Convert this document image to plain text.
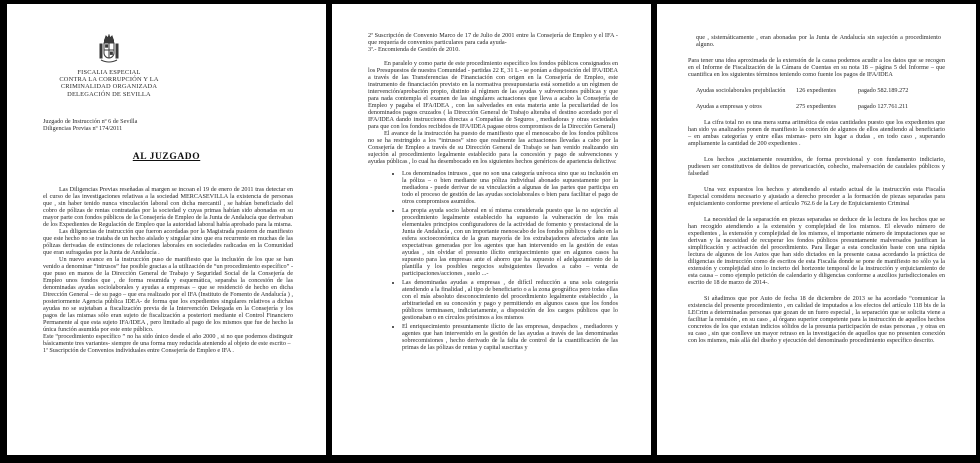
FISCALIA ESPECIAL
CONTRA LA CORRUPCIÓN Y LA
CRIMINALIDAD ORGANIZADA
DELEGACIÓN DE SEVILLA
Juzgado de Instrucción nº 6 de Sevilla
Diligencias Previas nº 174/2011
AL JUZGADO

Las Diligencias Previas reseñadas al margen se incoan el 19 de enero de 2011 tras detectar en el curso de las investigaciones relativas a la sociedad MERCASEVILLA la existencia de personas que , sin haber tenido nunca vinculación laboral con dicha mercantil , se habían beneficiado del cobro de pólizas de rentas contratadas por la sociedad y cuyas primas habían sido abonadas en su mayor parte con fondos públicos de la Consejería de Empleo de la Junta de Andalucía que derivaban de los Expedientes de Regulación de Empleo que la autoridad laboral había aprobado para la misma.

Las diligencias de instrucción que fueron acordadas por la Magistrada pusieron de manifiesto que este hecho no se trataba de un hecho aislado y singular sino que era recurrente en muchas de las pólizas derivadas de extinciones de relaciones laborales en sociedades radicadas en la Comunidad que eran sufragadas por la Junta de Andalucía .

Un nuevo avance en la instrucción puso de manifiesto que la inclusión de los que se han venido a denominar “intrusos” fue posible gracias a la utilización de “un procedimiento específico” - que puso en manos de la Dirección General de Trabajo y Seguridad Social de la Consejería de Empleo unos fondos que , de forma resumida y esquemática, separaba la concesión de las denominadas ayudas sociolaborales y ayudas a empresas – que se residenció de hecho en dicha Dirección General – de su pago – que era realizado por el IFA (Instituto de Fomento de Andalucía ) , posteriormente Agencia pública IDEA- de forma que los expedientes singulares relativos a dichas ayudas no se sujetaban a fiscalización previa de la Intervención Delegada en la Consejería y los pagos de las mismas sólo eran sujeto de fiscalización a posteriori mediante el Control Financiero Permanente al que esta sujeto IFA/IDEA , pero limitado al pago de los mismos que fue de hecho la única función asumida por este ente público.

Este “procedimiento específico ” no ha sido único desde el año 2000 , si no que podemos distinguir básicamente tres variantes- siempre de una forma muy reducida ateniendo al objeto de este escrito –

1ª Suscripción de Convenios individuales entre Consejería de Empleo e IFA .

2ª Suscripción de Convenio Marco de 17 de Julio de 2001 entre la Consejería de Empleo y el IFA - que requería de convenios particulares para cada ayuda-

3ª.- Encomienda de Gestión de 2010.

En paralelo y como parte de este procedimiento específico los fondos públicos consignados en los Presupuestos de nuestra Comunidad - partidas 22 E, 31 L - se ponían a disposición del IFA/IDEA a través de las Transferencias de Financiación con origen en la Consejería de Empleo, este instrumento de financiación previsto en la normativa presupuestaria está sometido a un régimen de intervención/aprobación propio, distinto al régimen de las ayudas y subvenciones públicas y que para nada contempla el examen de las singulares actuaciones que lleva a acabo la Consejería de Empleo y pagaba el IFA/IDEA , con las salvedades en esta materia ante la peculiaridad de los denominados pagos cruzados ( la Dirección General de Trabajo alteraba el destino acordado por el IFA/IDEA dando instrucciones directas a Compañías de Seguros , mediadoras y otras sociedades para que con los fondos recibidos de IFA/IDEA pagase otros compromisos de la Dirección General)

El avance de la instrucción ha puesto de manifiesto que el menoscabo de los fondos públicos no se ha restringido a los “intrusos” sino que realmente las actuaciones llevadas a cabo por la Consejería de Empleo a través de su Dirección General de Trabajo se han venido realizando sin sujeción al procedimiento legalmente establecido para la concesión y pago de subvenciones y ayudas públicas , lo cual ha desembocado en los siguientes hechos genéricos de apariencia delictiva:

• Los denominados intrusos , que no son una categoría unívoca sino que su inclusión en la póliza – o bien mediante una póliza individual abonado supuestamente por la mediadora - puede derivar de su vinculación a algunas de las partes que participa en todo el proceso de gestión de las ayudas sociolaborales o bien para facilitar el pago de otros compromisos asumidos.
• La propia ayuda socio laboral en sí misma considerada puesto que la no sujeción al procedimiento legalmente establecido ha supuesto la vulneración de los más elementales principios configuradores de la actividad de fomento y prestacional de la Junta de Andalucía , con un importante menoscabo de los fondos públicos y daño en la esfera socioeconómica de la gran mayoría de los extrabajadores afectados ante las expectativas generadas por los agentes que han intervenido en la gestión de estas ayudas , sin olvidar el presunto ilícito enriquecimiento que en algunos casos ha supuesto para las empresas ante el ahorro que ha supuesto el adelgazamiento de la plantilla y los posibles negocios subsiguientes llevados a cabo – venta de participaciones/acciones , suelo ...-
• Las denominadas ayudas a empresas , de difícil reducción a una sola categoría atendiendo a la finalidad , al tipo de beneficiario o a la zona geográfica pero todas ellas con el más absoluto desconocimiento del procedimiento legalmente establecido , la arbitrariedad en su concesión y pago y permitiendo en algunos casos que los fondos públicos terminasen, indiciariamente, a disposición de los cargos públicos que lo gestionaban o en círculos próximos a los mismos
• El enriquecimiento presuntamente ilícito de las empresas, despachos , mediadores y agentes que han intervenido en la gestión de las ayudas a través de las denominadas sobrecomisiones , hecho derivado de la falta de control de la cuantificación de las primas de las pólizas de rentas y capital suscritas y

que , sistemáticamente , eran abonadas por la Junta de Andalucía sin sujeción a procedimiento alguno.

Para tener una idea aproximada de la extensión de la causa podemos acudir a los datos que se recogen en el Informe de Fiscalización de la Cámara de Cuentas en su nota 18 – página 5 del Informe – que cuantifica en los siguientes términos teniendo como fuente los pagos de IFA/IDEA

Ayudas sociolaborales prejubilación	126 expedientes	pagado 582.189.272
Ayudas a empresas y otros	275 expedientes	pagado 127.761.211

La cifra total no es una mera suma aritmética de estas cantidades puesto que los expedientes que han sido ya analizados ponen de manifiesto la conexión de algunos de ellos atendiendo al beneficiario – en ambas categorías y entre ellas mismas- pero sin lugar a dudas , en todo caso , superando ampliamente la cantidad de 200 expedientes .

Los hechos ,sucintamente resumidos, de forma provisional y con fundamento indiciario, pudiesen ser constitutivos de delitos de prevaricación, cohecho, malversación de caudales públicos y falsedad

Una vez expuestos los hechos y atendiendo al estado actual de la instrucción esta Fiscalía Especial considera necesario y ajustado a derecho proceder a la formación de piezas separadas para enjuiciamiento conforme previene el artículo 762.6 de la Ley de Enjuiciamiento Criminal

La necesidad de la separación en piezas separadas se deduce de la lectura de los hechos que se han recogido atendiendo a la extensión y complejidad de los mismos. El elevado número de expedientes , la extensión y complejidad de los mismos, el importante número de imputaciones que se derivan y la necesidad de recuperar los fondos públicos presuntamente malversados justifican la simplificación y activación del procedimiento. Para llegar a esta conclusión baste con una rápida lectura de algunos de los Autos que han sido dictados en la presente causa acordando la práctica de diligencias de instrucción como de escritos de esta Fiscalía donde se pone de manifiesto no sólo ya la extensión y complejidad sino lo incierto del horizonte temporal de la instrucción y enjuiciamiento de esta causa – como ejemplo petición de calendario y diligencias conforme a auxilios jurisdiccionales en escrito de 18 de marzo de 2014-.

Si añadimos que por Auto de fecha 18 de diciembre de 2013 se ha acordado “comunicar la existencia del presente procedimiento , en calidad de imputados a los efectos del artículo 118 bis de la LECrim a determinadas personas que gozan de un fuero especial , la separación que se solicita viene a facilitar la remisión , en su caso , al órgano superior competente para la instrucción de aquellos hechos concretos de los que existan indicios sólidos de la presunta participación de estas personas , y otras en su caso , sin que conlleve un mayor retraso en la investigación de aquellos que no presenten conexión con los mismos, más allá del diseño y ejecución del denominado procedimiento específico descrito.
